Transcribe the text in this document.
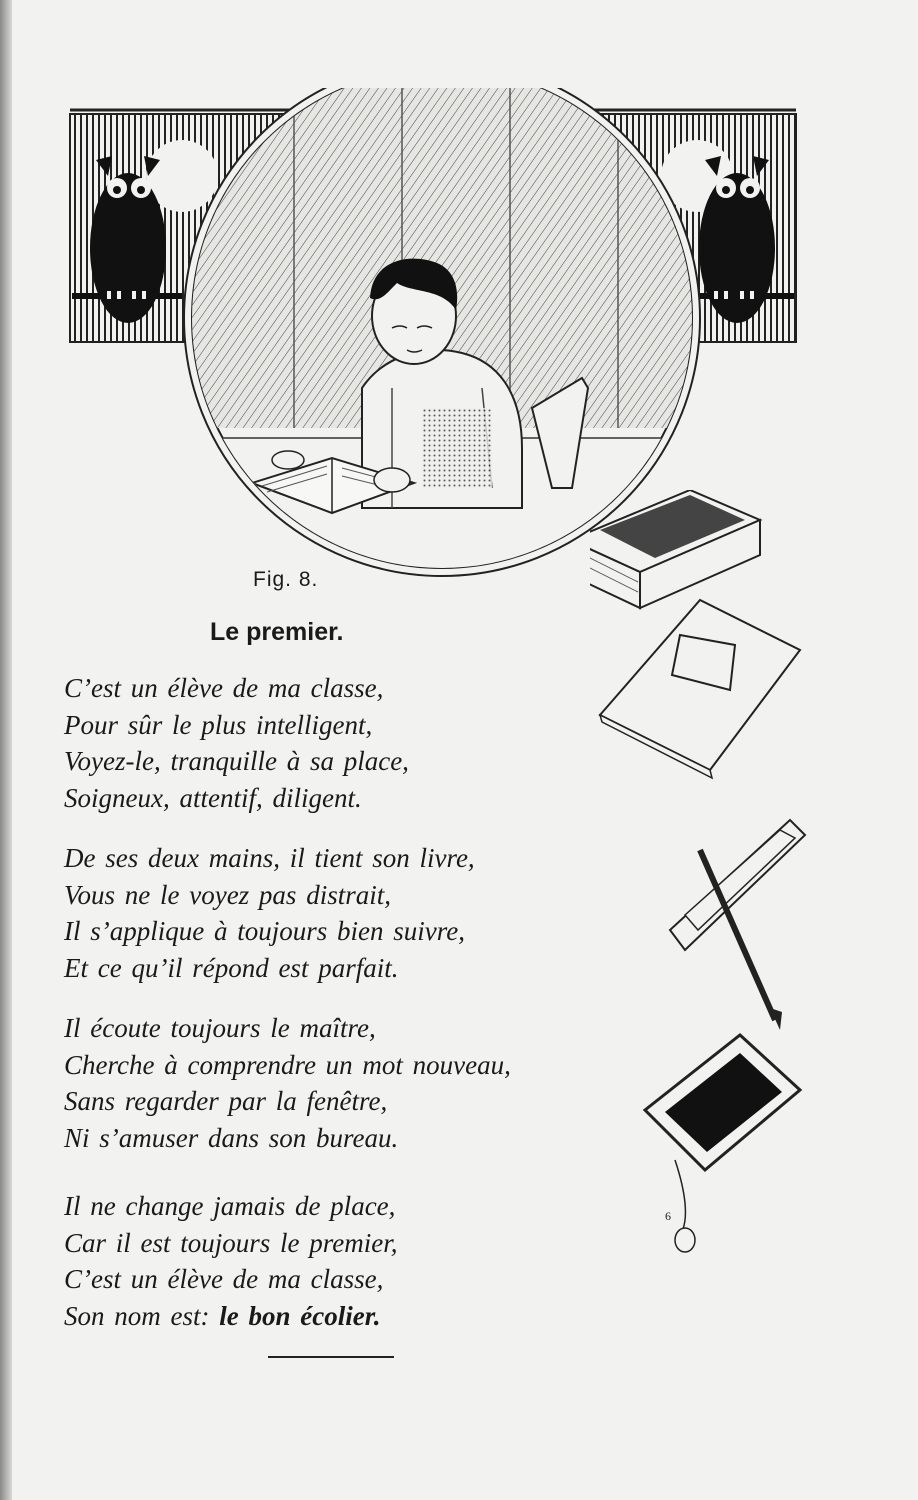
6
Fig. 8.
Le premier.
C’est un élève de ma classe,
Pour sûr le plus intelligent,
Voyez-le, tranquille à sa place,
Soigneux, attentif, diligent.
De ses deux mains, il tient son livre,
Vous ne le voyez pas distrait,
Il s’applique à toujours bien suivre,
Et ce qu’il répond est parfait.
Il écoute toujours le maître,
Cherche à comprendre un mot nouveau,
Sans regarder par la fenêtre,
Ni s’amuser dans son bureau.
Il ne change jamais de place,
Car il est toujours le premier,
C’est un élève de ma classe,
Son nom est: le bon écolier.
